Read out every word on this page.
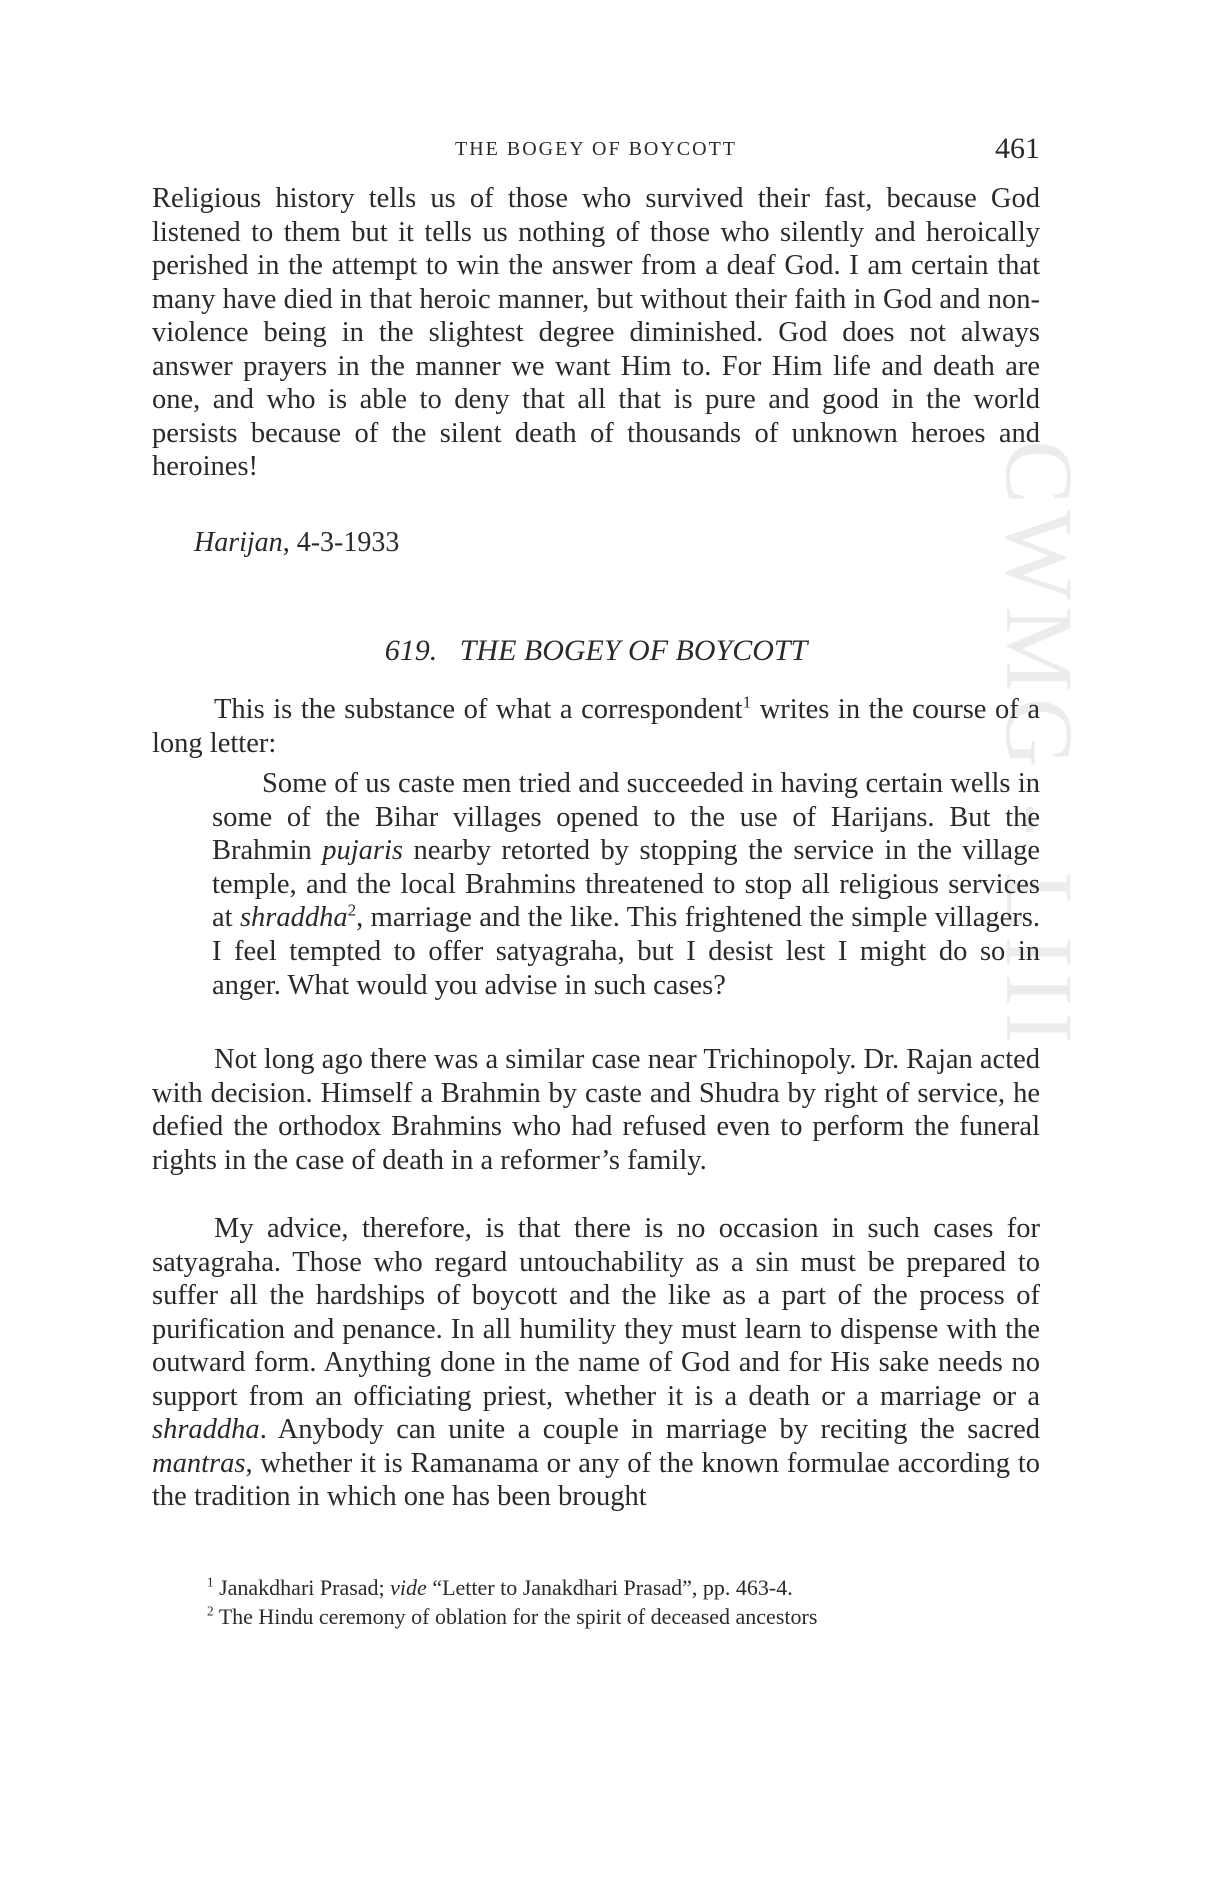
CWMG - LIII
THE BOGEY OF BOYCOTT	461

Religious history tells us of those who survived their fast, because God listened to them but it tells us nothing of those who silently and heroically perished in the attempt to win the answer from a deaf God. I am certain that many have died in that heroic manner, but without their faith in God and non-violence being in the slightest degree diminished. God does not always answer prayers in the manner we want Him to. For Him life and death are one, and who is able to deny that all that is pure and good in the world persists because of the silent death of thousands of unknown heroes and heroines!

Harijan, 4-3-1933
619. THE BOGEY OF BOYCOTT

This is the substance of what a correspondent$^1$ writes in the course of a long letter:

Some of us caste men tried and succeeded in having certain wells in some of the Bihar villages opened to the use of Harijans. But the Brahmin pujaris nearby retorted by stopping the service in the village temple, and the local Brahmins threatened to stop all religious services at shraddha$^2$, marriage and the like. This frightened the simple villagers. I feel tempted to offer satyagraha, but I desist lest I might do so in anger. What would you advise in such cases?

Not long ago there was a similar case near Trichinopoly. Dr. Rajan acted with decision. Himself a Brahmin by caste and Shudra by right of service, he defied the orthodox Brahmins who had refused even to perform the funeral rights in the case of death in a reformer’s family.

My advice, therefore, is that there is no occasion in such cases for satyagraha. Those who regard untouchability as a sin must be prepared to suffer all the hardships of boycott and the like as a part of the process of purification and penance. In all humility they must learn to dispense with the outward form. Anything done in the name of God and for His sake needs no support from an officiating priest, whether it is a death or a marriage or a shraddha. Anybody can unite a couple in marriage by reciting the sacred mantras, whether it is Ramanama or any of the known formulae according to the tradition in which one has been brought

$^1$ Janakdhari Prasad; vide “Letter to Janakdhari Prasad”, pp. 463-4.
$^2$ The Hindu ceremony of oblation for the spirit of deceased ancestors
